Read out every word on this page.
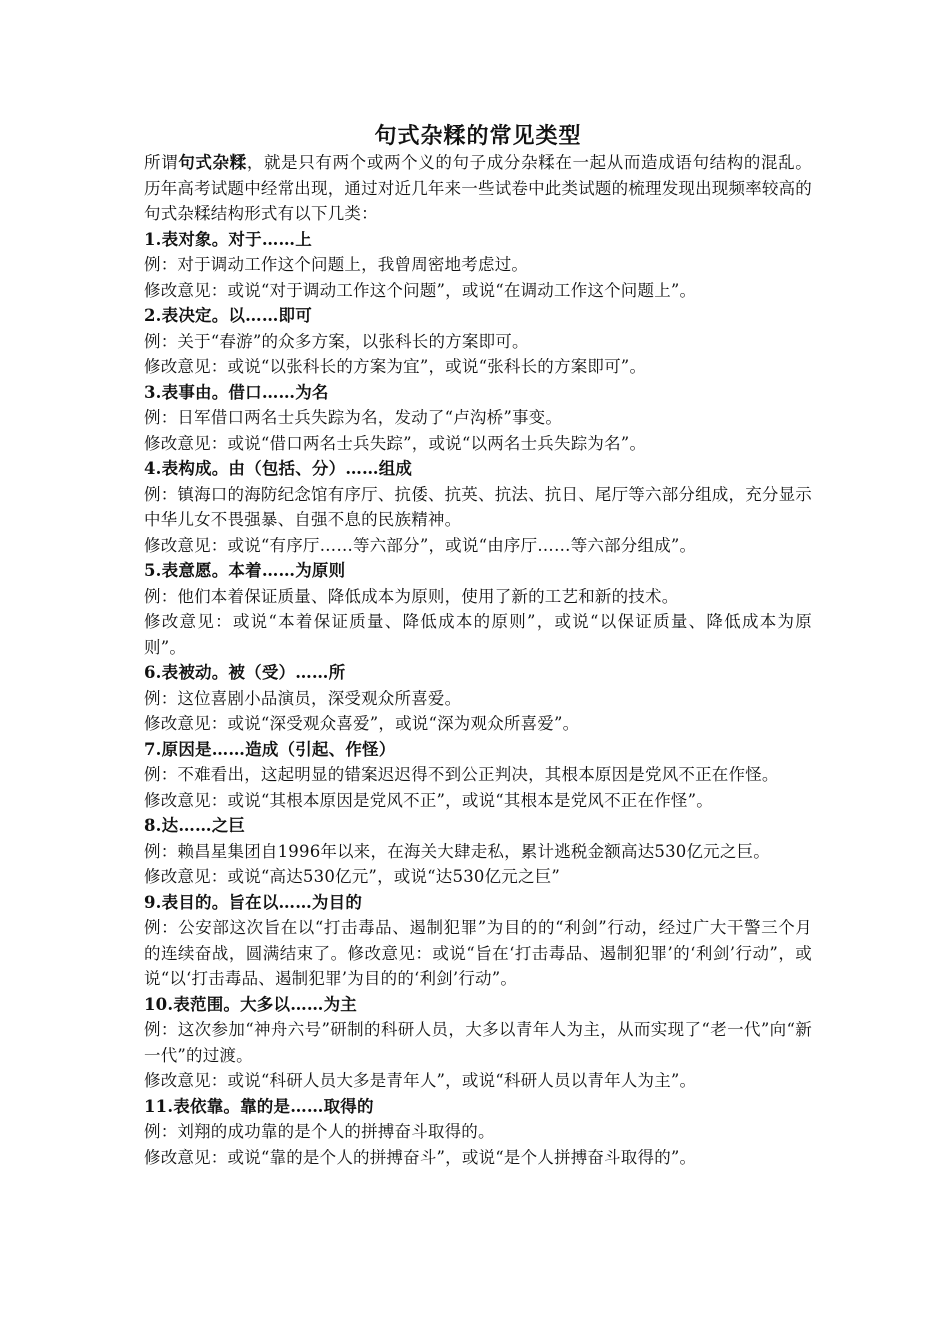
句式杂糅的常见类型

所谓句式杂糅，就是只有两个或两个义的句子成分杂糅在一起从而造成语句结构的混乱。历年高考试题中经常出现，通过对近几年来一些试卷中此类试题的梳理发现出现频率较高的句式杂糅结构形式有以下几类：

1.表对象。对于……上

例：对于调动工作这个问题上，我曾周密地考虑过。

修改意见：或说“对于调动工作这个问题”，或说“在调动工作这个问题上”。

2.表决定。以……即可

例：关于“春游”的众多方案，以张科长的方案即可。

修改意见：或说“以张科长的方案为宜”，或说“张科长的方案即可”。

3.表事由。借口……为名

例：日军借口两名士兵失踪为名，发动了“卢沟桥”事变。

修改意见：或说“借口两名士兵失踪”，或说“以两名士兵失踪为名”。

4.表构成。由（包括、分）……组成

例：镇海口的海防纪念馆有序厅、抗倭、抗英、抗法、抗日、尾厅等六部分组成，充分显示中华儿女不畏强暴、自强不息的民族精神。

修改意见：或说“有序厅……等六部分”，或说“由序厅……等六部分组成”。

5.表意愿。本着……为原则

例：他们本着保证质量、降低成本为原则，使用了新的工艺和新的技术。

修改意见：或说“本着保证质量、降低成本的原则”，或说“以保证质量、降低成本为原则”。

6.表被动。被（受）……所

例：这位喜剧小品演员，深受观众所喜爱。

修改意见：或说“深受观众喜爱”，或说“深为观众所喜爱”。

7.原因是……造成（引起、作怪）

例：不难看出，这起明显的错案迟迟得不到公正判决，其根本原因是党风不正在作怪。

修改意见：或说“其根本原因是党风不正”，或说“其根本是党风不正在作怪”。

8.达……之巨

例：赖昌星集团自1996年以来，在海关大肆走私，累计逃税金额高达530亿元之巨。

修改意见：或说“高达530亿元”，或说“达530亿元之巨”

9.表目的。旨在以……为目的

例：公安部这次旨在以“打击毒品、遏制犯罪”为目的的“利剑”行动，经过广大干警三个月的连续奋战，圆满结束了。修改意见：或说“旨在‘打击毒品、遏制犯罪’的‘利剑’行动”，或说“以‘打击毒品、遏制犯罪’为目的的‘利剑’行动”。

10.表范围。大多以……为主

例：这次参加“神舟六号”研制的科研人员，大多以青年人为主，从而实现了“老一代”向“新一代”的过渡。

修改意见：或说“科研人员大多是青年人”，或说“科研人员以青年人为主”。

11.表依靠。靠的是……取得的

例：刘翔的成功靠的是个人的拼搏奋斗取得的。

修改意见：或说“靠的是个人的拼搏奋斗”，或说“是个人拼搏奋斗取得的”。
